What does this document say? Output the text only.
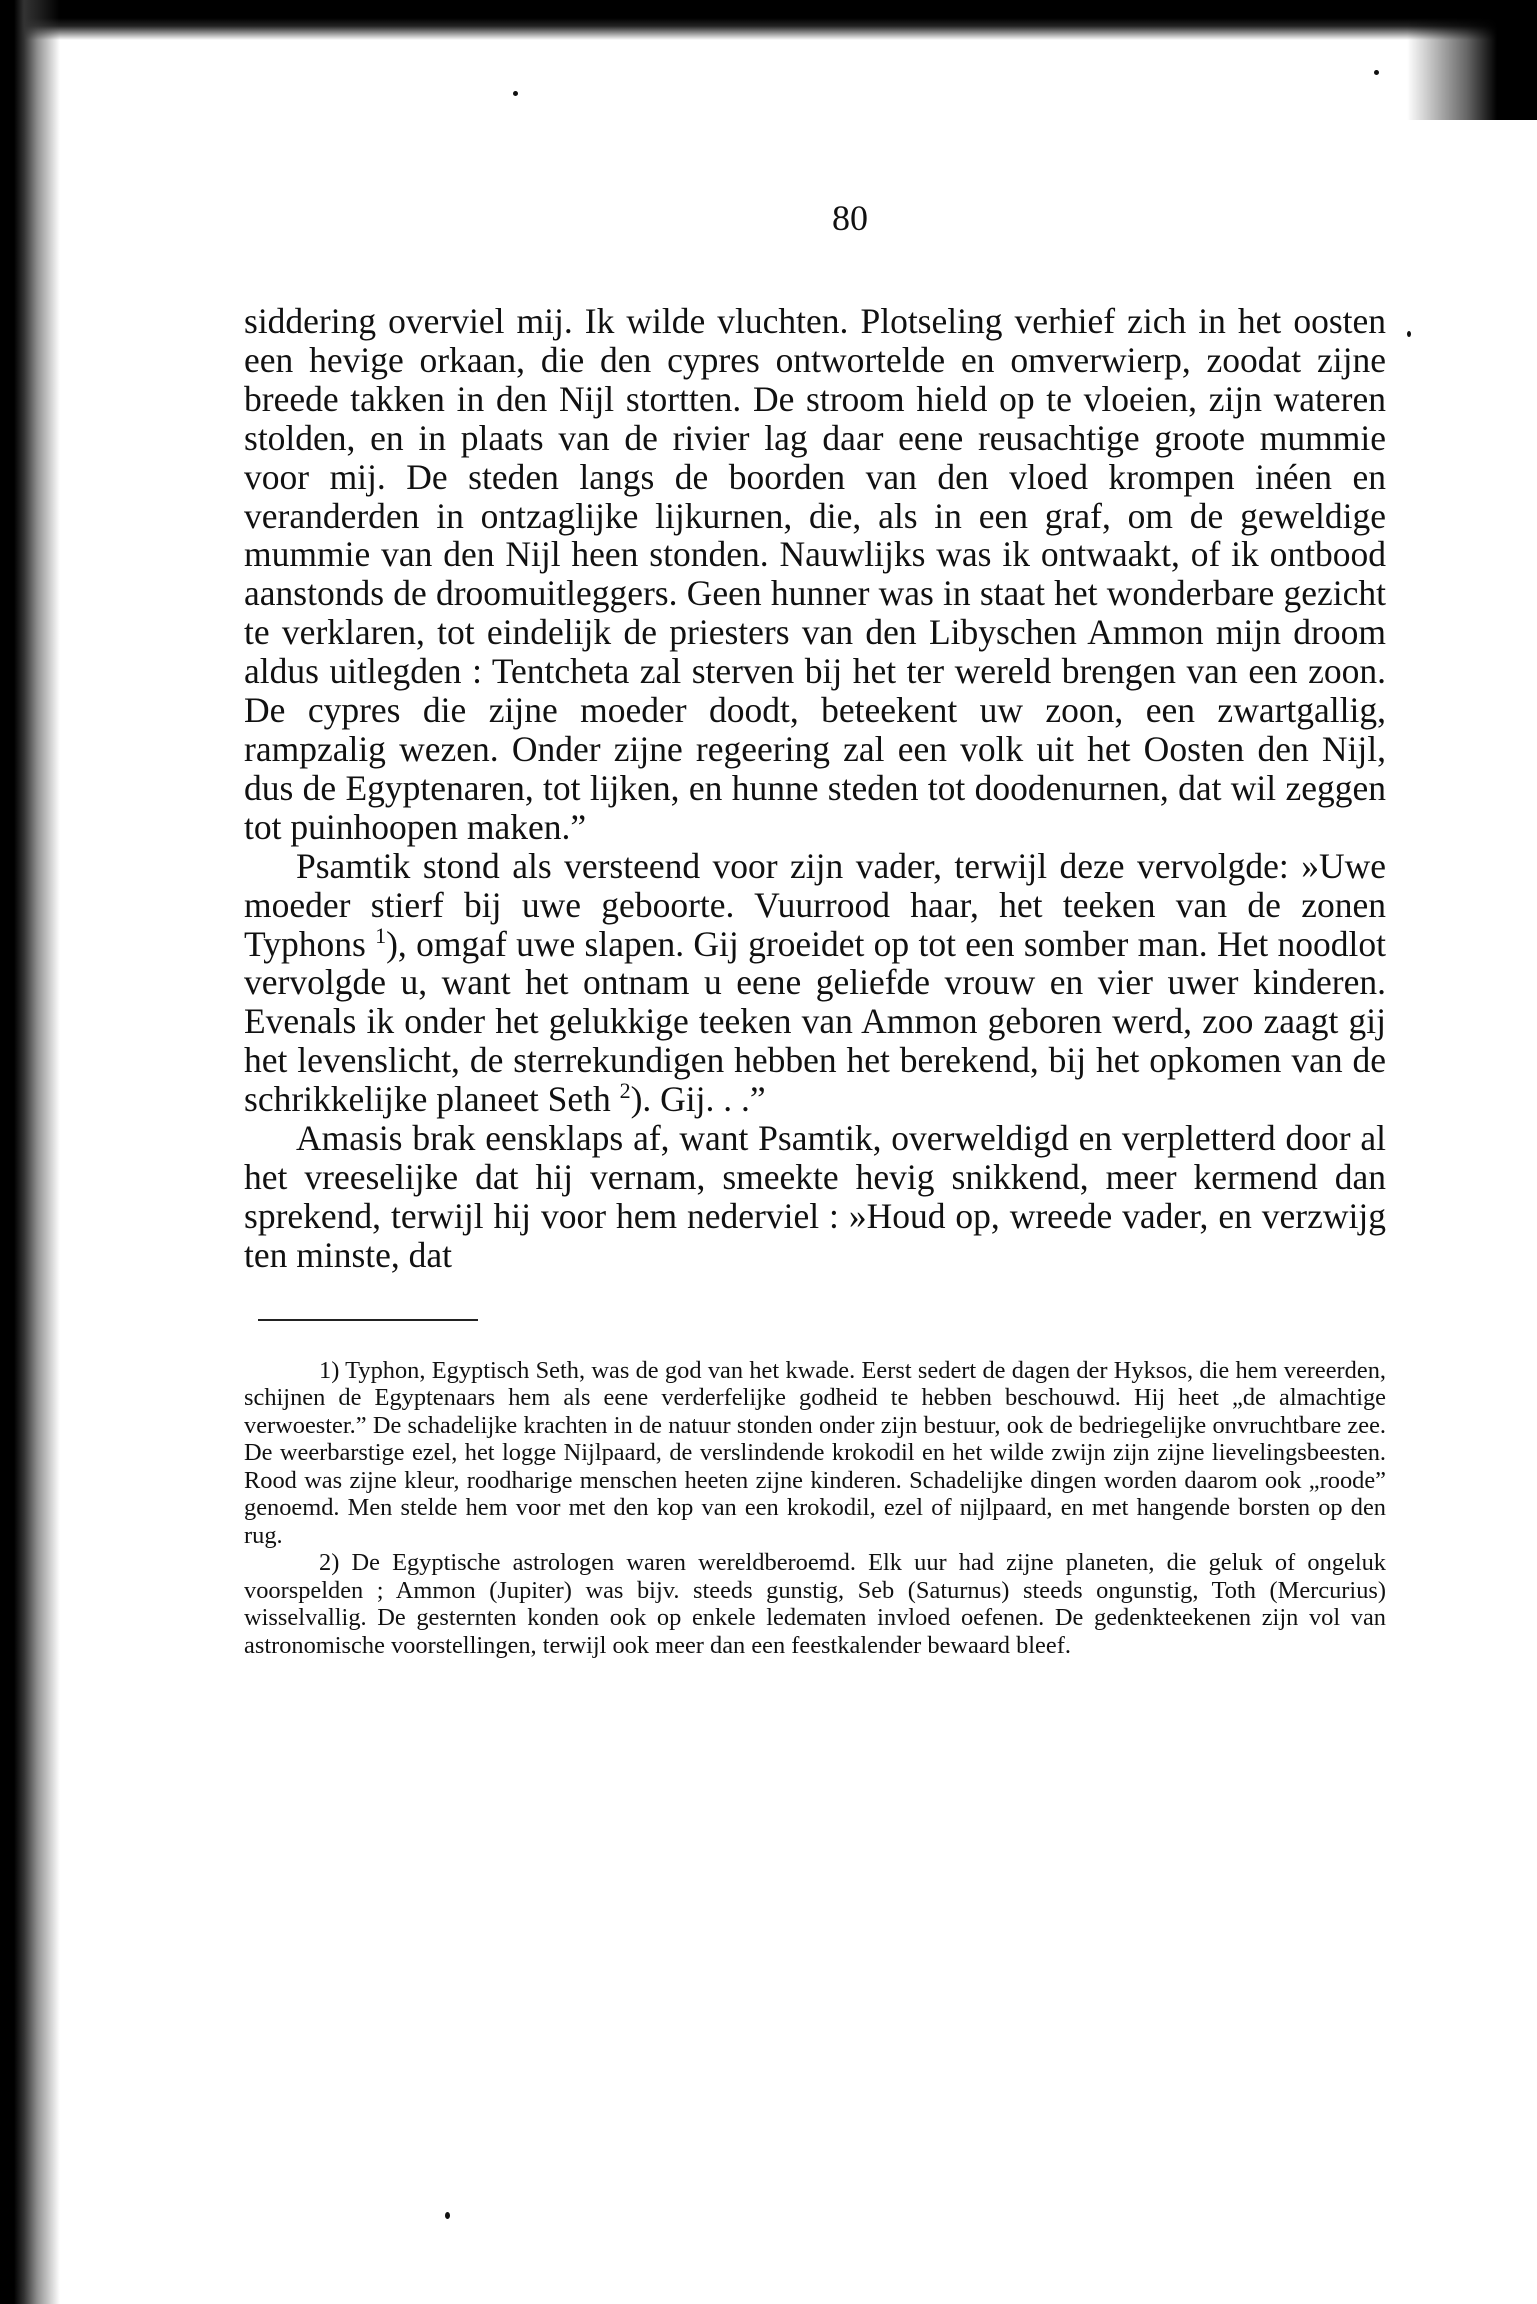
80

siddering overviel mij. Ik wilde vluchten. Plotseling verhief zich in het oosten een hevige orkaan, die den cypres ontwortelde en omverwierp, zoodat zijne breede takken in den Nijl stortten. De stroom hield op te vloeien, zijn wateren stolden, en in plaats van de rivier lag daar eene reusachtige groote mummie voor mij. De steden langs de boorden van den vloed krompen inéen en veranderden in ontzaglijke lijkurnen, die, als in een graf, om de geweldige mummie van den Nijl heen stonden. Nauwlijks was ik ontwaakt, of ik ontbood aanstonds de droomuitleggers. Geen hunner was in staat het wonderbare gezicht te verklaren, tot eindelijk de priesters van den Libyschen Ammon mijn droom aldus uitlegden : Tentcheta zal sterven bij het ter wereld brengen van een zoon. De cypres die zijne moeder doodt, beteekent uw zoon, een zwartgallig, rampzalig wezen. Onder zijne regeering zal een volk uit het Oosten den Nijl, dus de Egyptenaren, tot lijken, en hunne steden tot doodenurnen, dat wil zeggen tot puinhoopen maken.”

Psamtik stond als versteend voor zijn vader, terwijl deze vervolgde: »Uwe moeder stierf bij uwe geboorte. Vuurrood haar, het teeken van de zonen Typhons $^1$), omgaf uwe slapen. Gij groeidet op tot een somber man. Het noodlot vervolgde u, want het ontnam u eene geliefde vrouw en vier uwer kinderen. Evenals ik onder het gelukkige teeken van Ammon geboren werd, zoo zaagt gij het levenslicht, de sterrekundigen hebben het berekend, bij het opkomen van de schrikkelijke planeet Seth $^2$). Gij. . .”

Amasis brak eensklaps af, want Psamtik, overweldigd en verpletterd door al het vreeselijke dat hij vernam, smeekte hevig snikkend, meer kermend dan sprekend, terwijl hij voor hem nederviel : »Houd op, wreede vader, en verzwijg ten minste, dat

1) Typhon, Egyptisch Seth, was de god van het kwade. Eerst sedert de dagen der Hyksos, die hem vereerden, schijnen de Egyptenaars hem als eene verderfelijke godheid te hebben beschouwd. Hij heet „de almachtige verwoester.” De schadelijke krachten in de natuur stonden onder zijn bestuur, ook de bedriegelijke onvruchtbare zee. De weerbarstige ezel, het logge Nijlpaard, de verslindende krokodil en het wilde zwijn zijn zijne lievelingsbeesten. Rood was zijne kleur, roodharige menschen heeten zijne kinderen. Schadelijke dingen worden daarom ook „roode” genoemd. Men stelde hem voor met den kop van een krokodil, ezel of nijlpaard, en met hangende borsten op den rug.

2) De Egyptische astrologen waren wereldberoemd. Elk uur had zijne planeten, die geluk of ongeluk voorspelden ; Ammon (Jupiter) was bijv. steeds gunstig, Seb (Saturnus) steeds ongunstig, Toth (Mercurius) wisselvallig. De gesternten konden ook op enkele ledematen invloed oefenen. De gedenkteekenen zijn vol van astronomische voorstellingen, terwijl ook meer dan een feestkalender bewaard bleef.
